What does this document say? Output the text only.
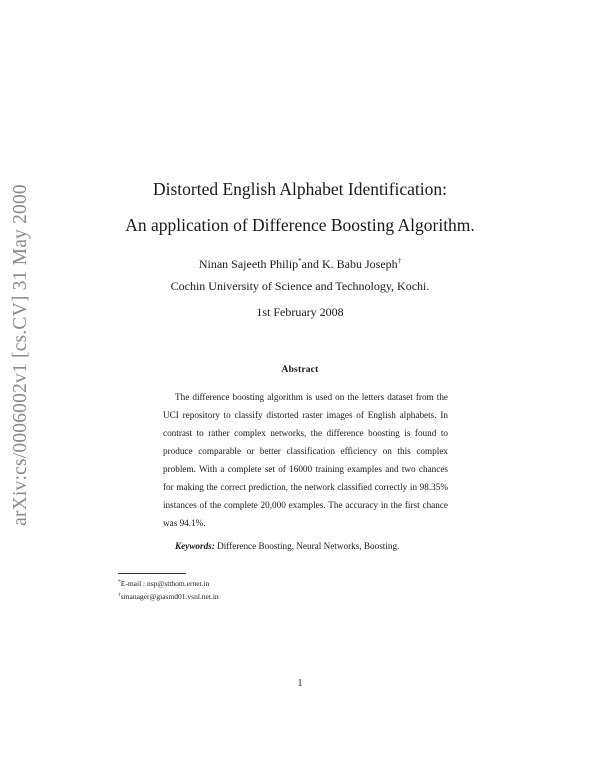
arXiv:cs/0006002v1 [cs.CV] 31 May 2000	Distorted English Alphabet Identification:
An application of Difference Boosting Algorithm.
Ninan Sajeeth Philip*and K. Babu Joseph†
Cochin University of Science and Technology, Kochi.
1st February 2008
Abstract
The difference boosting algorithm is used on the letters dataset from the UCI repository to classify distorted raster images of English alphabets. In contrast to rather complex networks, the difference boosting is found to produce comparable or better classification efficiency on this complex problem. With a complete set of 16000 training examples and two chances for making the correct prediction, the network classified correctly in 98.35% instances of the complete 20,000 examples. The accuracy in the first chance was 94.1%.
Keywords: Difference Boosting, Neural Networks, Boosting.
*E-mail : nsp@stthom.ernet.in
†smanager@giasmd01.vsnl.net.in
1
